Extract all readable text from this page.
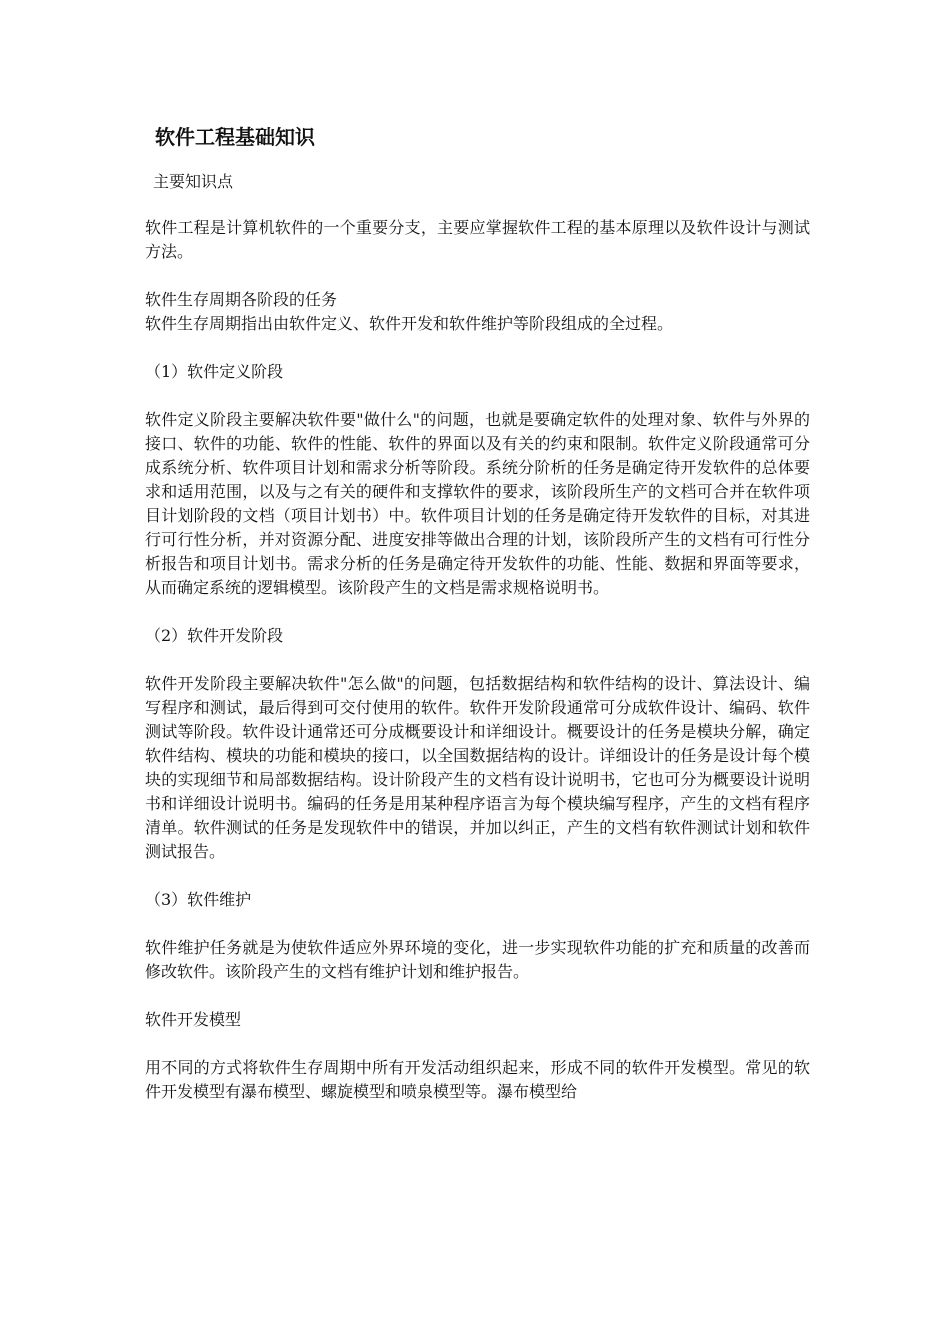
软件工程基础知识
主要知识点

软件工程是计算机软件的一个重要分支，主要应掌握软件工程的基本原理以及软件设计与测试方法。

软件生存周期各阶段的任务

软件生存周期指出由软件定义、软件开发和软件维护等阶段组成的全过程。

（1）软件定义阶段

软件定义阶段主要解决软件要"做什么"的问题，也就是要确定软件的处理对象、软件与外界的接口、软件的功能、软件的性能、软件的界面以及有关的约束和限制。软件定义阶段通常可分成系统分析、软件项目计划和需求分析等阶段。系统分阶析的任务是确定待开发软件的总体要求和适用范围，以及与之有关的硬件和支撑软件的要求，该阶段所生产的文档可合并在软件项目计划阶段的文档（项目计划书）中。软件项目计划的任务是确定待开发软件的目标，对其进行可行性分析，并对资源分配、进度安排等做出合理的计划，该阶段所产生的文档有可行性分析报告和项目计划书。需求分析的任务是确定待开发软件的功能、性能、数据和界面等要求，从而确定系统的逻辑模型。该阶段产生的文档是需求规格说明书。

（2）软件开发阶段

软件开发阶段主要解决软件"怎么做"的问题，包括数据结构和软件结构的设计、算法设计、编写程序和测试，最后得到可交付使用的软件。软件开发阶段通常可分成软件设计、编码、软件测试等阶段。软件设计通常还可分成概要设计和详细设计。概要设计的任务是模块分解，确定软件结构、模块的功能和模块的接口，以全国数据结构的设计。详细设计的任务是设计每个模块的实现细节和局部数据结构。设计阶段产生的文档有设计说明书，它也可分为概要设计说明书和详细设计说明书。编码的任务是用某种程序语言为每个模块编写程序，产生的文档有程序清单。软件测试的任务是发现软件中的错误，并加以纠正，产生的文档有软件测试计划和软件测试报告。

（3）软件维护

软件维护任务就是为使软件适应外界环境的变化，进一步实现软件功能的扩充和质量的改善而修改软件。该阶段产生的文档有维护计划和维护报告。

软件开发模型

用不同的方式将软件生存周期中所有开发活动组织起来，形成不同的软件开发模型。常见的软件开发模型有瀑布模型、螺旋模型和喷泉模型等。瀑布模型给
